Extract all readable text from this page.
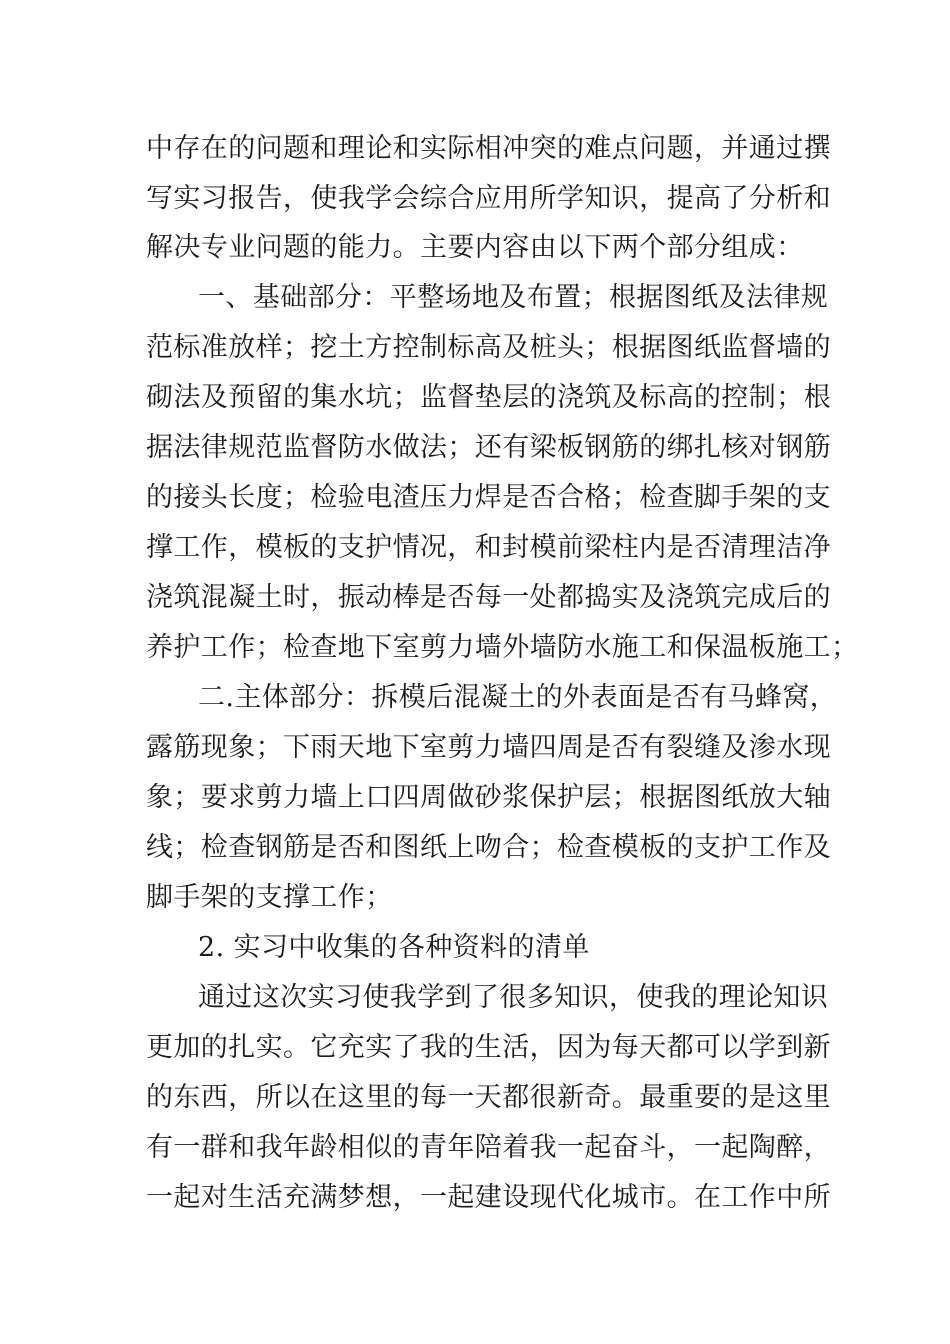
中存在的问题和理论和实际相冲突的难点问题，并通过撰
写实习报告，使我学会综合应用所学知识，提高了分析和
解决专业问题的能力。主要内容由以下两个部分组成：
一、基础部分：平整场地及布置；根据图纸及法律规
范标准放样；挖土方控制标高及桩头；根据图纸监督墙的
砌法及预留的集水坑；监督垫层的浇筑及标高的控制；根
据法律规范监督防水做法；还有梁板钢筋的绑扎核对钢筋
的接头长度；检验电渣压力焊是否合格；检查脚手架的支
撑工作，模板的支护情况，和封模前梁柱内是否清理洁净
浇筑混凝土时，振动棒是否每一处都捣实及浇筑完成后的
养护工作；检查地下室剪力墙外墙防水施工和保温板施工；
二.主体部分：拆模后混凝土的外表面是否有马蜂窝，
露筋现象；下雨天地下室剪力墙四周是否有裂缝及渗水现
象；要求剪力墙上口四周做砂浆保护层；根据图纸放大轴
线；检查钢筋是否和图纸上吻合；检查模板的支护工作及
脚手架的支撑工作；
2. 实习中收集的各种资料的清单
通过这次实习使我学到了很多知识，使我的理论知识
更加的扎实。它充实了我的生活，因为每天都可以学到新
的东西，所以在这里的每一天都很新奇。最重要的是这里
有一群和我年龄相似的青年陪着我一起奋斗，一起陶醉，
一起对生活充满梦想，一起建设现代化城市。在工作中所
